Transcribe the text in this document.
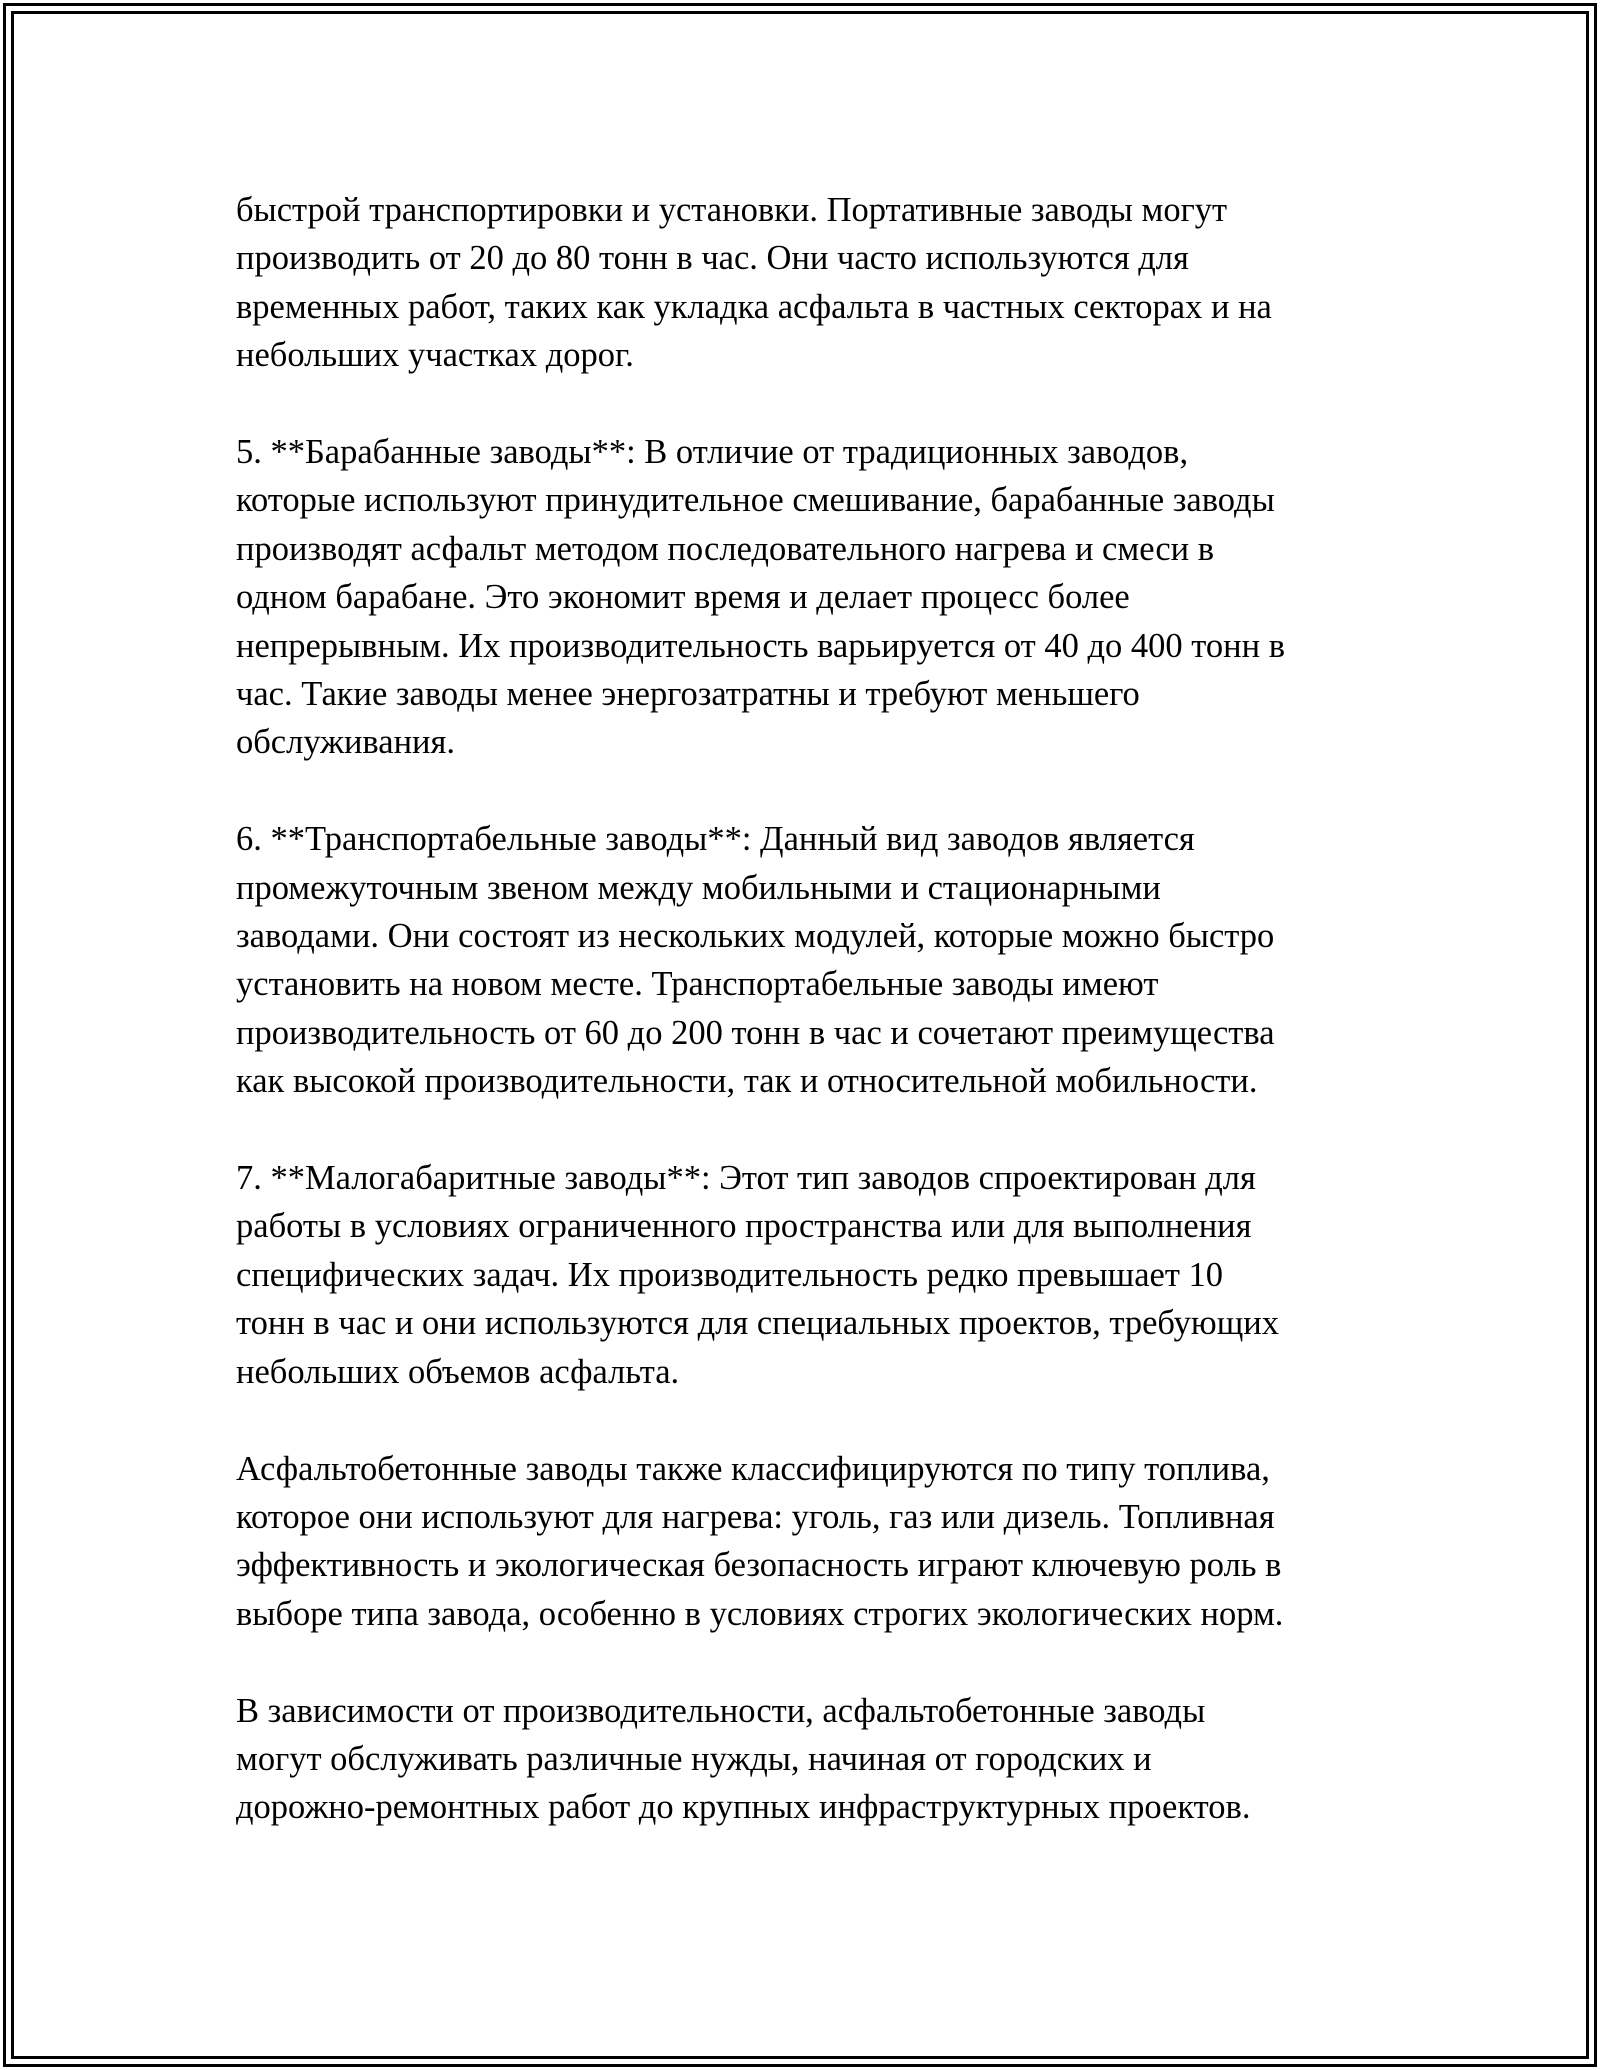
быстрой транспортировки и установки. Портативные заводы могут
производить от 20 до 80 тонн в час. Они часто используются для
временных работ, таких как укладка асфальта в частных секторах и на
небольших участках дорог.
5. **Барабанные заводы**: В отличие от традиционных заводов,
которые используют принудительное смешивание, барабанные заводы
производят асфальт методом последовательного нагрева и смеси в
одном барабане. Это экономит время и делает процесс более
непрерывным. Их производительность варьируется от 40 до 400 тонн в
час. Такие заводы менее энергозатратны и требуют меньшего
обслуживания.
6. **Транспортабельные заводы**: Данный вид заводов является
промежуточным звеном между мобильными и стационарными
заводами. Они состоят из нескольких модулей, которые можно быстро
установить на новом месте. Транспортабельные заводы имеют
производительность от 60 до 200 тонн в час и сочетают преимущества
как высокой производительности, так и относительной мобильности.
7. **Малогабаритные заводы**: Этот тип заводов спроектирован для
работы в условиях ограниченного пространства или для выполнения
специфических задач. Их производительность редко превышает 10
тонн в час и они используются для специальных проектов, требующих
небольших объемов асфальта.
Асфальтобетонные заводы также классифицируются по типу топлива,
которое они используют для нагрева: уголь, газ или дизель. Топливная
эффективность и экологическая безопасность играют ключевую роль в
выборе типа завода, особенно в условиях строгих экологических норм.
В зависимости от производительности, асфальтобетонные заводы
могут обслуживать различные нужды, начиная от городских и
дорожно-ремонтных работ до крупных инфраструктурных проектов.
